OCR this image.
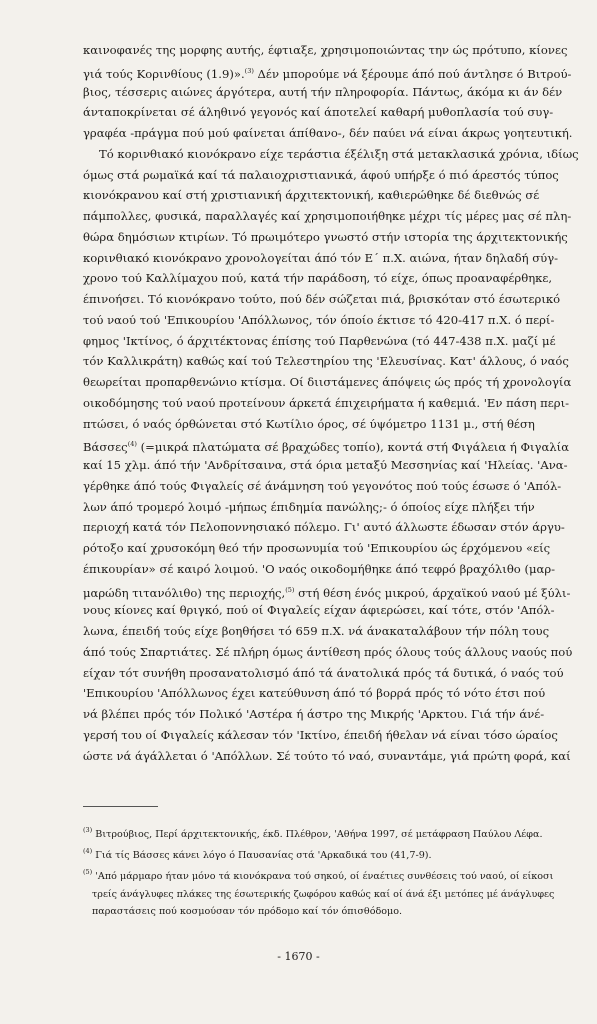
καινοφανές της μορφης αυτής, έφτιαξε, χρησιμοποιώντας την ώς πρότυπο, κίονες
γιά τούς Κορινθίους (1.9)».$^{(3)}$ Δέν μπορούμε νά ξέρουμε άπό πού άντλησε ό Βιτρού-
βιος, τέσσερις αιώνες άργότερα, αυτή τήν πληροφορία. Πάντως, άκόμα κι άν δέν
άνταποκρίνεται σέ άληθινό γεγονός καί άποτελεί καθαρή μυθοπλασία τού συγ-
γραφέα -πράγμα πού μού φαίνεται άπίθανο-, δέν παύει νά είναι άκρως γοητευτική.
Τό κορινθιακό κιονόκρανο είχε τεράστια έξέλιξη στά μετακλασικά χρόνια, ιδίως
όμως στά ρωμαϊκά καί τά παλαιοχριστιανικά, άφού υπήρξε ό πιό άρεστός τύπος
κιονόκρανου καί στή χριστιανική άρχιτεκτονική, καθιερώθηκε δέ διεθνώς σέ
πάμπολλες, φυσικά, παραλλαγές καί χρησιμοποιήθηκε μέχρι τίς μέρες μας σέ πλη-
θώρα δημόσιων κτιρίων. Τό πρωιμότερο γνωστό στήν ιστορία της άρχιτεκτονικής
κορινθιακό κιονόκρανο χρονολογείται άπό τόν Ε΄ π.Χ. αιώνα, ήταν δηλαδή σύγ-
χρονο τού Καλλίμαχου πού, κατά τήν παράδοση, τό είχε, όπως προαναφέρθηκε,
έπινοήσει. Τό κιονόκρανο τούτο, πού δέν σώζεται πιά, βρισκόταν στό έσωτερικό
τού ναού τού 'Επικουρίου 'Απόλλωνος, τόν όποίο έκτισε τό 420-417 π.Χ. ό περί-
φημος 'Ικτίνος, ό άρχιτέκτονας έπίσης τού Παρθενώνα (τό 447-438 π.Χ. μαζί μέ
τόν Καλλικράτη) καθώς καί τού Τελεστηρίου της 'Ελευσίνας. Κατ' άλλους, ό ναός
θεωρείται προπαρθενώνιο κτίσμα. Οί διιστάμενες άπόψεις ώς πρός τή χρονολογία
οικοδόμησης τού ναού προτείνουν άρκετά έπιχειρήματα ή καθεμιά. 'Εν πάση περι-
πτώσει, ό ναός όρθώνεται στό Κωτίλιο όρος, σέ ύψόμετρο 1131 μ., στή θέση
Βάσσες$^{(4)}$ (=μικρά πλατώματα σέ βραχώδες τοπίο), κοντά στή Φιγάλεια ή Φιγαλία
καί 15 χλμ. άπό τήν 'Ανδρίτσαινα, στά όρια μεταξύ Μεσσηνίας καί 'Ηλείας. 'Ανα-
γέρθηκε άπό τούς Φιγαλείς σέ άνάμνηση τού γεγονότος πού τούς έσωσε ό 'Απόλ-
λων άπό τρομερό λοιμό -μήπως έπιδημία πανώλης;- ό όποίος είχε πλήξει τήν
περιοχή κατά τόν Πελοποννησιακό πόλεμο. Γι' αυτό άλλωστε έδωσαν στόν άργυ-
ρότοξο καί χρυσοκόμη θεό τήν προσωνυμία τού 'Επικουρίου ώς έρχόμενου «είς
έπικουρίαν» σέ καιρό λοιμού. 'Ο ναός οικοδομήθηκε άπό τεφρό βραχόλιθο (μαρ-
μαρώδη τιτανόλιθο) της περιοχής,$^{(5)}$ στή θέση ένός μικρού, άρχαϊκού ναού μέ ξύλι-
νους κίονες καί θριγκό, πού οί Φιγαλείς είχαν άφιερώσει, καί τότε, στόν 'Απόλ-
λωνα, έπειδή τούς είχε βοηθήσει τό 659 π.Χ. νά άνακαταλάβουν τήν πόλη τους
άπό τούς Σπαρτιάτες. Σέ πλήρη όμως άντίθεση πρός όλους τούς άλλους ναούς πού
είχαν τότ συνήθη προσανατολισμό άπό τά άνατολικά πρός τά δυτικά, ό ναός τού
'Επικουρίου 'Απόλλωνος έχει κατεύθυνση άπό τό βορρά πρός τό νότο έτσι πού
νά βλέπει πρός τόν Πολικό 'Αστέρα ή άστρο της Μικρής 'Αρκτου. Γιά τήν άνέ-
γερσή του οί Φιγαλείς κάλεσαν τόν 'Ικτίνο, έπειδή ήθελαν νά είναι τόσο ώραίος
ώστε νά άγάλλεται ό 'Απόλλων. Σέ τούτο τό ναό, συναντάμε, γιά πρώτη φορά, καί
$^{(3)}$ Βιτρούβιος, Περί άρχιτεκτονικής, έκδ. Πλέθρον, 'Αθήνα 1997, σέ μετάφραση Παύλου Λέφα.
$^{(4)}$ Γιά τίς Βάσσες κάνει λόγο ό Παυσανίας στά 'Αρκαδικά του (41,7-9).
$^{(5)}$ 'Από μάρμαρο ήταν μόνο τά κιονόκρανα τού σηκού, οί έναέτιες συνθέσεις τού ναού, οί είκοσι
τρείς άνάγλυφες πλάκες της έσωτερικής ζωφόρου καθώς καί οί άνά έξι μετόπες μέ άνάγλυφες
παραστάσεις πού κοσμούσαν τόν πρόδομο καί τόν όπισθόδομο.
- 1670 -
